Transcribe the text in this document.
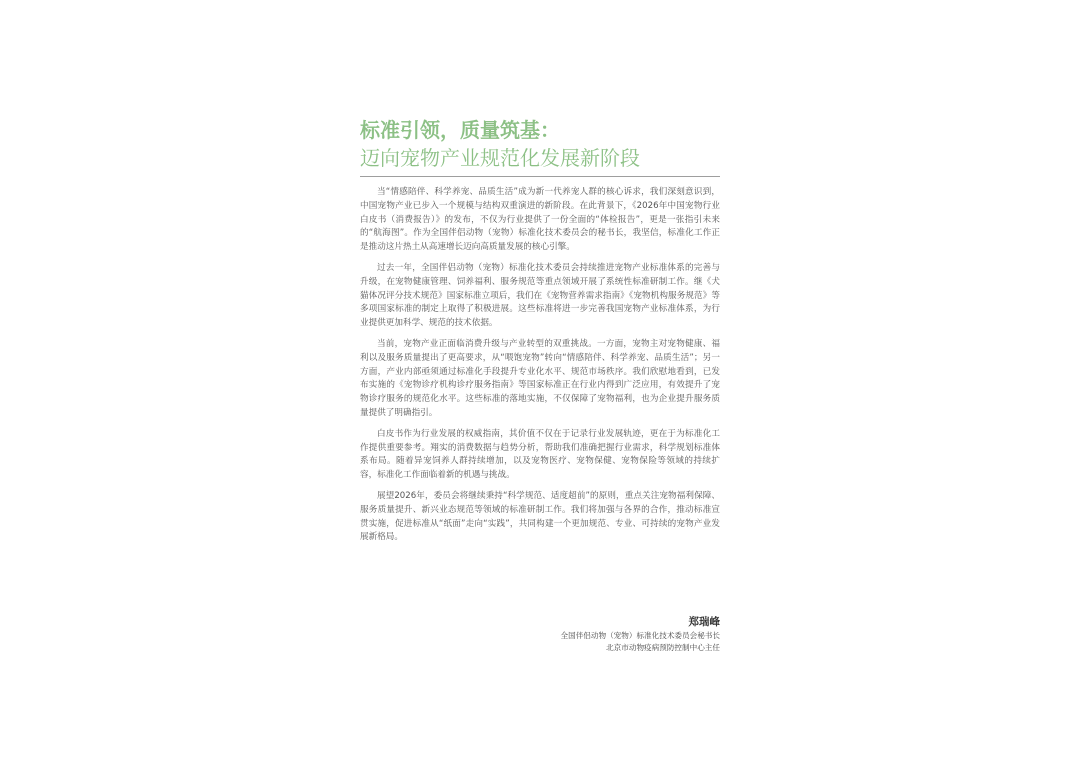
标准引领，质量筑基：
迈向宠物产业规范化发展新阶段

当“情感陪伴、科学养宠、品质生活”成为新一代养宠人群的核心诉求，我们深刻意识到，中国宠物产业已步入一个规模与结构双重演进的新阶段。在此背景下，《2026年中国宠物行业白皮书（消费报告）》的发布，不仅为行业提供了一份全面的“体检报告”，更是一张指引未来的“航海图”。作为全国伴侣动物（宠物）标准化技术委员会的秘书长，我坚信，标准化工作正是推动这片热土从高速增长迈向高质量发展的核心引擎。

过去一年，全国伴侣动物（宠物）标准化技术委员会持续推进宠物产业标准体系的完善与升级，在宠物健康管理、饲养福利、服务规范等重点领域开展了系统性标准研制工作。继《犬猫体况评分技术规范》国家标准立项后，我们在《宠物营养需求指南》《宠物机构服务规范》等多项国家标准的制定上取得了积极进展。这些标准将进一步完善我国宠物产业标准体系，为行业提供更加科学、规范的技术依据。

当前，宠物产业正面临消费升级与产业转型的双重挑战。一方面，宠物主对宠物健康、福利以及服务质量提出了更高要求，从“喂饱宠物”转向“情感陪伴、科学养宠、品质生活”；另一方面，产业内部亟须通过标准化手段提升专业化水平、规范市场秩序。我们欣慰地看到，已发布实施的《宠物诊疗机构诊疗服务指南》等国家标准正在行业内得到广泛应用，有效提升了宠物诊疗服务的规范化水平。这些标准的落地实施，不仅保障了宠物福利，也为企业提升服务质量提供了明确指引。

白皮书作为行业发展的权威指南，其价值不仅在于记录行业发展轨迹，更在于为标准化工作提供重要参考。翔实的消费数据与趋势分析，帮助我们准确把握行业需求，科学规划标准体系布局。随着异宠饲养人群持续增加，以及宠物医疗、宠物保健、宠物保险等领域的持续扩容，标准化工作面临着新的机遇与挑战。

展望2026年，委员会将继续秉持“科学规范、适度超前”的原则，重点关注宠物福利保障、服务质量提升、新兴业态规范等领域的标准研制工作。我们将加强与各界的合作，推动标准宣贯实施，促进标准从“纸面”走向“实践”，共同构建一个更加规范、专业、可持续的宠物产业发展新格局。

郑瑞峰
全国伴侣动物（宠物）标准化技术委员会秘书长
北京市动物疫病预防控制中心主任
